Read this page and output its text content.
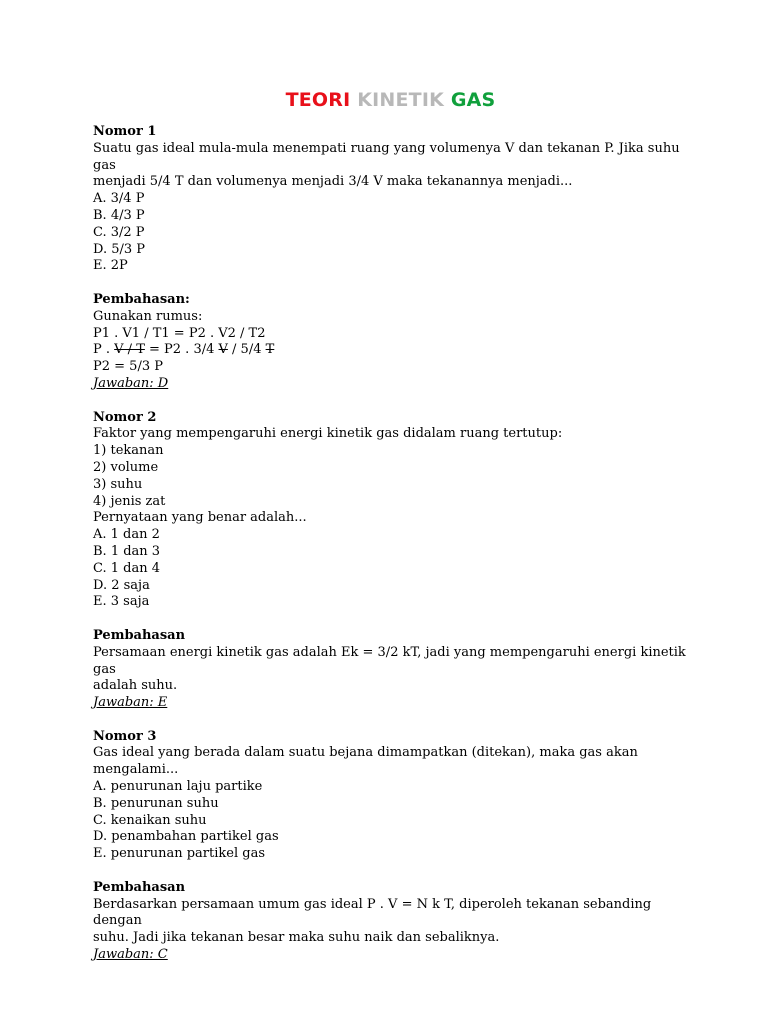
TEORI KINETIK GAS
Nomor 1
Suatu gas ideal mula-mula menempati ruang yang volumenya V dan tekanan P. Jika suhu gas
menjadi 5/4 T dan volumenya menjadi 3/4 V maka tekanannya menjadi...
A. 3/4 P
B. 4/3 P
C. 3/2 P
D. 5/3 P
E. 2P
Pembahasan:
Gunakan rumus:
P1 . V1 / T1 = P2 . V2 / T2
P . V / T = P2 . 3/4 V / 5/4 T
P2 = 5/3 P
Jawaban: D
Nomor 2
Faktor yang mempengaruhi energi kinetik gas didalam ruang tertutup:
1) tekanan
2) volume
3) suhu
4) jenis zat
Pernyataan yang benar adalah...
A. 1 dan 2
B. 1 dan 3
C. 1 dan 4
D. 2 saja
E. 3 saja
Pembahasan
Persamaan energi kinetik gas adalah Ek = 3/2 kT, jadi yang mempengaruhi energi kinetik gas
adalah suhu.
Jawaban: E
Nomor 3
Gas ideal yang berada dalam suatu bejana dimampatkan (ditekan), maka gas akan
mengalami...
A. penurunan laju partike
B. penurunan suhu
C. kenaikan suhu
D. penambahan partikel gas
E. penurunan partikel gas
Pembahasan
Berdasarkan persamaan umum gas ideal P . V = N k T, diperoleh tekanan sebanding dengan
suhu. Jadi jika tekanan besar maka suhu naik dan sebaliknya.
Jawaban: C
